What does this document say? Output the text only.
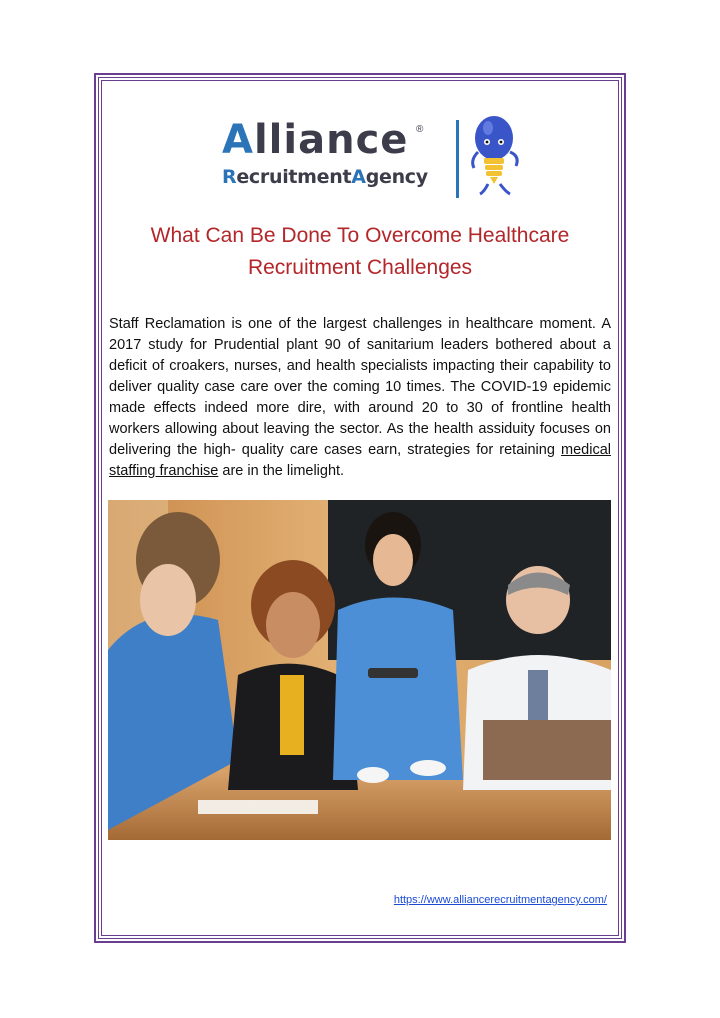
Alliance
RecruitmentAgency
®
What Can Be Done To Overcome Healthcare
Recruitment Challenges

Staff Reclamation is one of the largest challenges in healthcare moment. A 2017 study for Prudential plant 90 of sanitarium leaders bothered about a deficit of croakers, nurses, and health specialists impacting their capability to deliver quality case care over the coming 10 times. The COVID-19 epidemic made effects indeed more dire, with around 20 to 30 of frontline health workers allowing about leaving the sector. As the health assiduity focuses on delivering the high- quality care cases earn, strategies for retaining medical staffing franchise are in the limelight.

https://www.alliancerecruitmentagency.com/
